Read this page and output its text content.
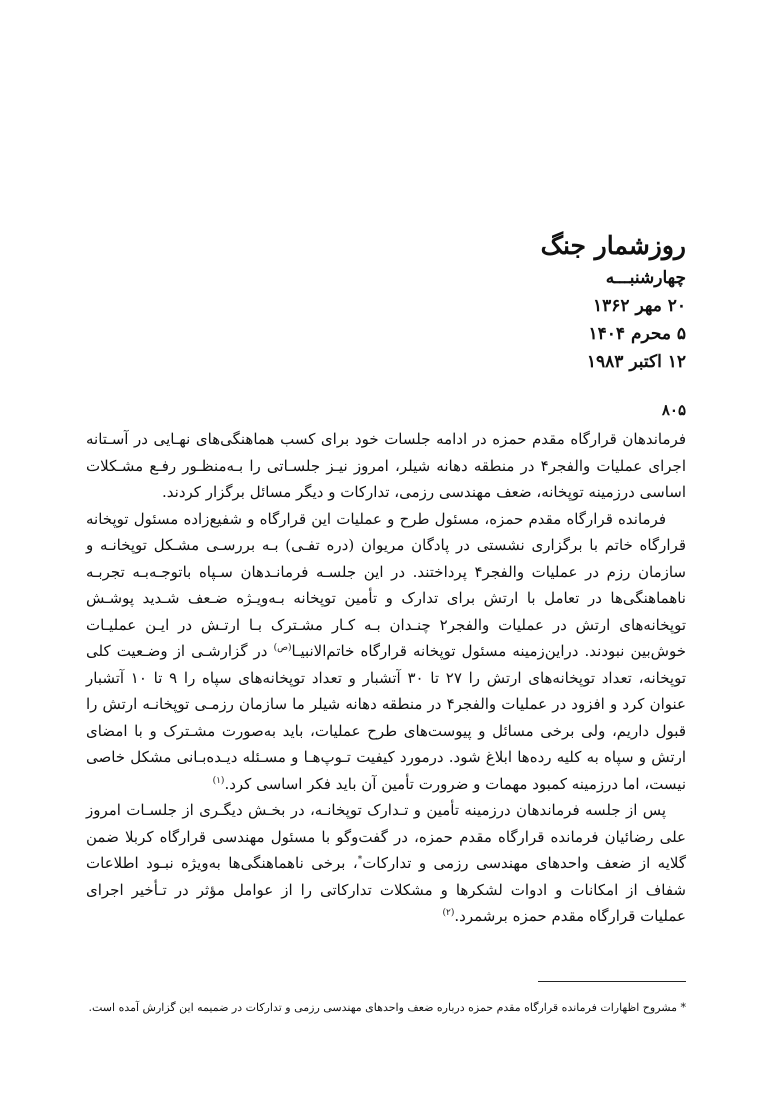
روزشمار جنگ
چهارشنبـــه
۲۰ مهر ۱۳۶۲
۵ محرم ۱۴۰۴
۱۲ اکتبر ۱۹۸۳
۸۰۵

فرماندهان قرارگاه مقدم حمزه در ادامه جلسات خود برای کسب هماهنگی‌های نهـایی در آسـتانه اجرای عملیات والفجر۴ در منطقه دهانه شیلر، امروز نیـز جلسـاتی را بـه‌منظـور رفـع مشـکلات اساسی درزمینه توپخانه، ضعف مهندسی رزمی، تدارکات و دیگر مسائل برگزار کردند.

فرمانده قرارگاه مقدم حمزه، مسئول طرح و عملیات این قرارگاه و شفیع‌زاده مسئول توپخانه قرارگاه خاتم با برگزاری نشستی در پادگان مریوان (دره تفـی) بـه بررسـی مشـکل توپخانـه و سازمان رزم در عملیات والفجر۴ پرداختند. در این جلسـه فرمانـدهان سـپاه باتوجـه‌بـه تجربـه ناهماهنگی‌ها در تعامل با ارتش برای تدارک و تأمین توپخانه بـه‌ویـژه ضـعف شـدید پوشـش توپخانه‌های ارتش در عملیات والفجر۲ چنـدان بـه کـار مشـترک بـا ارتـش در ایـن عملیـات خوش‌بین نبودند. دراین‌زمینه مسئول توپخانه قرارگاه خاتم‌الانبیـا$^{(ص)}$ در گزارشـی از وضـعیت کلی توپخانه، تعداد توپخانه‌های ارتش را ۲۷ تا ۳۰ آتشبار و تعداد توپخانه‌های سپاه را ۹ تا ۱۰ آتشبار عنوان کرد و افزود در عملیات والفجر۴ در منطقه دهانه شیلر ما سازمان رزمـی توپخانـه ارتش را قبول داریم، ولی برخی مسائل و پیوست‌های طرح عملیات، باید به‌صورت مشـترک و با امضای ارتش و سپاه به کلیه رده‌ها ابلاغ شود. درمورد کیفیت تـوپ‌هـا و مسـئله دیـده‌بـانی مشکل خاصی نیست، اما درزمینه کمبود مهمات و ضرورت تأمین آن باید فکر اساسی کرد.$^{(۱)}$

پس از جلسه فرماندهان درزمینه تأمین و تـدارک توپخانـه، در بخـش دیگـری از جلسـات امروز علی رضائیان فرمانده قرارگاه مقدم حمزه، در گفت‌وگو با مسئول مهندسی قرارگاه کربلا ضمن گلایه از ضعف واحدهای مهندسی رزمی و تدارکات*، برخی ناهماهنگی‌ها به‌ویژه نبـود اطلاعات شفاف از امکانات و ادوات لشکرها و مشکلات تدارکاتی را از عوامل مؤثر در تـأخیر اجرای عملیات قرارگاه مقدم حمزه برشمرد.$^{(۲)}$

* مشروح اظهارات فرمانده قرارگاه مقدم حمزه درباره ضعف واحدهای مهندسی رزمی و تدارکات در ضمیمه این گزارش آمده است.
